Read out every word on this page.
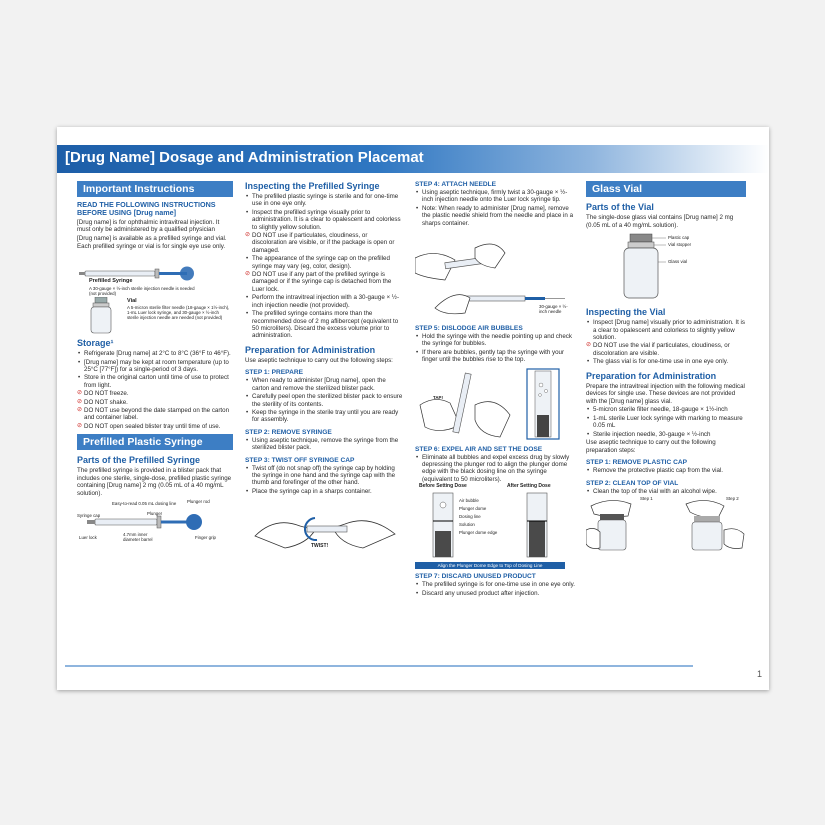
[Drug Name] Dosage and Administration Placemat
Important Instructions

READ THE FOLLOWING INSTRUCTIONS BEFORE USING [Drug name]

[Drug name] is for ophthalmic intravitreal injection. It must only be administered by a qualified physician

[Drug name] is available as a prefilled syringe and vial. Each prefilled syringe or vial is for single eye use only.

Prefilled Syringe
A 30-gauge × ½-inch sterile injection needle is needed (not provided)
Vial
A 5-micron sterile filter needle (18-gauge × 1½-inch), 1-mL Luer lock syringe, and 30-gauge × ½-inch sterile injection needle are needed (not provided)
Storage¹
• Refrigerate [Drug name] at 2°C to 8°C (36°F to 46°F).
• [Drug name] may be kept at room temperature (up to 25°C [77°F]) for a single-period of 3 days.
• Store in the original carton until time of use to protect from light.
⊘ DO NOT freeze.
⊘ DO NOT shake.
⊘ DO NOT use beyond the date stamped on the carton and container label.
⊘ DO NOT open sealed blister tray until time of use.
Prefilled Plastic Syringe
Parts of the Prefilled Syringe

The prefilled syringe is provided in a blister pack that includes one sterile, single-dose, prefilled plastic syringe containing [Drug name] 2 mg (0.05 mL of a 40 mg/mL solution).

Easy-to-read 0.05 mL dosing line Plunger rod
Syringe cap	Plunger
Luer lock
4.7mm inner diameter barrel	Finger grip
Inspecting the Prefilled Syringe
• The prefilled plastic syringe is sterile and for one-time use in one eye only.
• Inspect the prefilled syringe visually prior to administration. It is a clear to opalescent and colorless to slightly yellow solution.
⊘ DO NOT use if particulates, cloudiness, or discoloration are visible, or if the package is open or damaged.
• The appearance of the syringe cap on the prefilled syringe may vary (eg, color, design).
⊘ DO NOT use if any part of the prefilled syringe is damaged or if the syringe cap is detached from the Luer lock.
• Perform the intravitreal injection with a 30-gauge × ½-inch injection needle (not provided).
• The prefilled syringe contains more than the recommended dose of 2 mg aflibercept (equivalent to 50 microliters). Discard the excess volume prior to administration.
Preparation for Administration

Use aseptic technique to carry out the following steps:

STEP 1: PREPARE
• When ready to administer [Drug name], open the carton and remove the sterilized blister pack.
• Carefully peel open the sterilized blister pack to ensure the sterility of its contents.
• Keep the syringe in the sterile tray until you are ready for assembly.
STEP 2: REMOVE SYRINGE
• Using aseptic technique, remove the syringe from the sterilized blister pack.
STEP 3: TWIST OFF SYRINGE CAP
• Twist off (do not snap off) the syringe cap by holding the syringe in one hand and the syringe cap with the thumb and forefinger of the other hand.
• Place the syringe cap in a sharps container.
TWIST!
STEP 4: ATTACH NEEDLE
• Using aseptic technique, firmly twist a 30-gauge × ½-inch injection needle onto the Luer lock syringe tip.
• Note: When ready to administer [Drug name], remove the plastic needle shield from the needle and place in a sharps container.
30-gauge × ½-inch needle
STEP 5: DISLODGE AIR BUBBLES
• Hold the syringe with the needle pointing up and check the syringe for bubbles.
• If there are bubbles, gently tap the syringe with your finger until the bubbles rise to the top.
TAP!
STEP 6: EXPEL AIR AND SET THE DOSE
• Eliminate all bubbles and expel excess drug by slowly depressing the plunger rod to align the plunger dome edge with the black dosing line on the syringe (equivalent to 50 microliters).
Before Setting Dose	After Setting Dose
Air bubble
Plunger dome
Dosing line
Solution
Plunger dome edge
Align the Plunger Dome Edge to Top of Dosing Line
STEP 7: DISCARD UNUSED PRODUCT
• The prefilled syringe is for one-time use in one eye only.
• Discard any unused product after injection.
Glass Vial
Parts of the Vial

The single-dose glass vial contains [Drug name] 2 mg (0.05 mL of a 40 mg/mL solution).

Plastic cap
Vial stopper
Glass vial
Inspecting the Vial
• Inspect [Drug name] visually prior to administration. It is a clear to opalescent and colorless to slightly yellow solution.
⊘ DO NOT use the vial if particulates, cloudiness, or discoloration are visible.
• The glass vial is for one-time use in one eye only.
Preparation for Administration

Prepare the intravitreal injection with the following medical devices for single use. These devices are not provided with the [Drug name] glass vial.

• 5-micron sterile filter needle, 18-gauge × 1½-inch
• 1-mL sterile Luer lock syringe with marking to measure 0.05 mL
• Sterile injection needle, 30-gauge × ½-inch

Use aseptic technique to carry out the following preparation steps:

STEP 1: REMOVE PLASTIC CAP
• Remove the protective plastic cap from the vial.
STEP 2: CLEAN TOP OF VIAL
• Clean the top of the vial with an alcohol wipe.
Step 1	Step 2
1
